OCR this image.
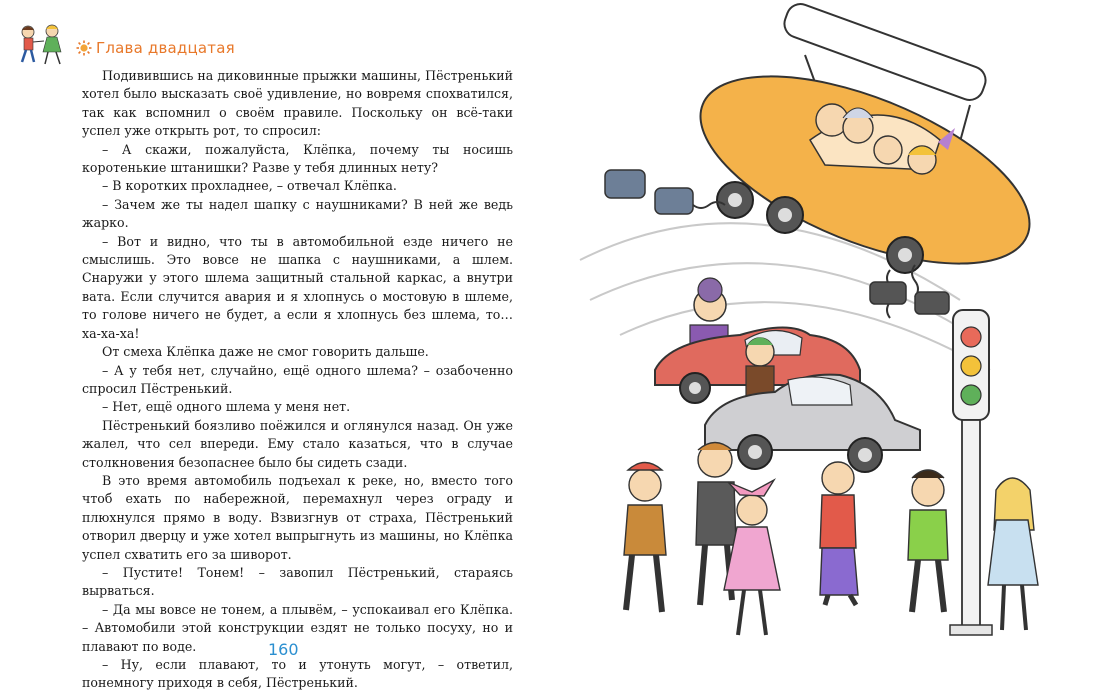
Глава двадцатая

Подивившись на диковинные прыжки машины, Пёстренький хотел было высказать своё удивление, но вовремя спохватился, так как вспомнил о своём правиле. Поскольку он всё-таки успел уже открыть рот, то спросил:

– А скажи, пожалуйста, Клёпка, почему ты носишь коротенькие штанишки? Разве у тебя длинных нету?

– В коротких прохладнее, – отвечал Клёпка.

– Зачем же ты надел шапку с наушниками? В ней же ведь жарко.

– Вот и видно, что ты в автомобильной езде ничего не смыслишь. Это вовсе не шапка с наушниками, а шлем. Снаружи у этого шлема защитный стальной каркас, а внутри вата. Если случится авария и я хлопнусь о мостовую в шлеме, то голове ничего не будет, а если я хлопнусь без шлема, то… ха-ха-ха!

От смеха Клёпка даже не смог говорить дальше.

– А у тебя нет, случайно, ещё одного шлема? – озабоченно спросил Пёстренький.

– Нет, ещё одного шлема у меня нет.

Пёстренький боязливо поёжился и оглянулся назад. Он уже жалел, что сел впереди. Ему стало казаться, что в случае столкновения безопаснее было бы сидеть сзади.

В это время автомобиль подъехал к реке, но, вместо того чтоб ехать по набережной, перемахнул через ограду и плюхнулся прямо в воду. Взвизгнув от страха, Пёстренький отворил дверцу и уже хотел выпрыгнуть из машины, но Клёпка успел схватить его за шиворот.

– Пустите! Тонем! – завопил Пёстренький, стараясь вырваться.

– Да мы вовсе не тонем, а плывём, – успокаивал его Клёпка. – Автомобили этой конструкции ездят не только посуху, но и плавают по воде.

– Ну, если плавают, то и утонуть могут, – ответил, понемногу приходя в себя, Пёстренький.

160
